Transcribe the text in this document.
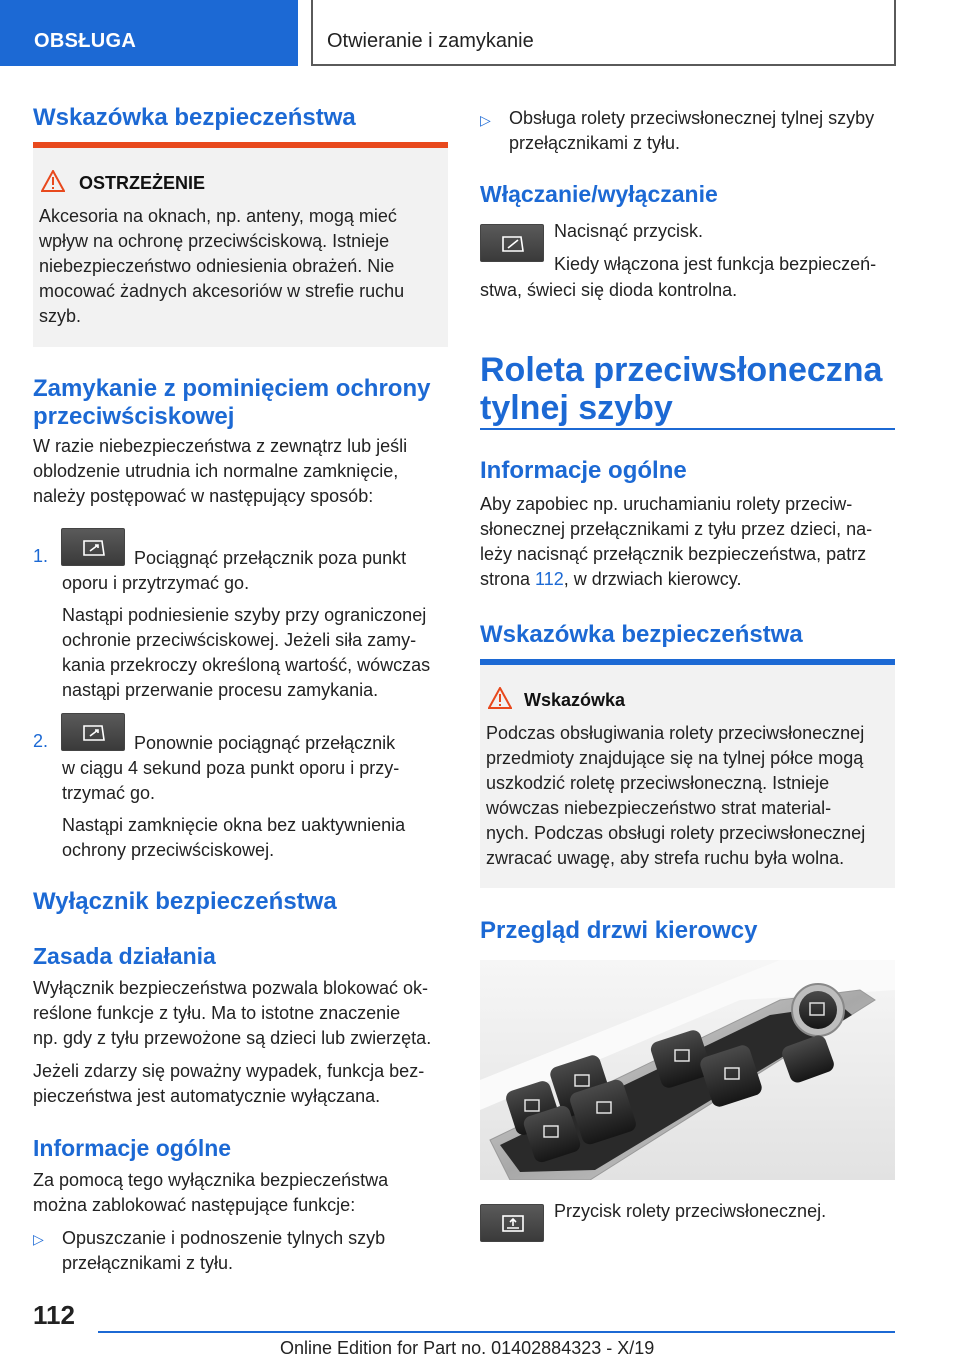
OBSŁUGA	Otwieranie i zamykanie
Wskazówka bezpieczeństwa
OSTRZEŻENIE
Akcesoria na oknach, np. anteny, mogą mieć
wpływ na ochronę przeciwściskową. Istnieje
niebezpieczeństwo odniesienia obrażeń. Nie
mocować żadnych akcesoriów w strefie ruchu
szyb.
Zamykanie z pominięciem ochrony
przeciwściskowej
W razie niebezpieczeństwa z zewnątrz lub jeśli
oblodzenie utrudnia ich normalne zamknięcie,
należy postępować w następujący sposób:
1.	Pociągnąć przełącznik poza punkt
oporu i przytrzymać go.
Nastąpi podniesienie szyby przy ograniczonej
ochronie przeciwściskowej. Jeżeli siła zamy-
kania przekroczy określoną wartość, wówczas
nastąpi przerwanie procesu zamykania.
2.	Ponownie pociągnąć przełącznik
w ciągu 4 sekund poza punkt oporu i przy-
trzymać go.
Nastąpi zamknięcie okna bez uaktywnienia
ochrony przeciwściskowej.
Wyłącznik bezpieczeństwa
Zasada działania
Wyłącznik bezpieczeństwa pozwala blokować ok-
reślone funkcje z tyłu. Ma to istotne znaczenie
np. gdy z tyłu przewożone są dzieci lub zwierzęta.
Jeżeli zdarzy się poważny wypadek, funkcja bez-
pieczeństwa jest automatycznie wyłączana.
Informacje ogólne
Za pomocą tego wyłącznika bezpieczeństwa
można zablokować następujące funkcje:
▷ Opuszczanie i podnoszenie tylnych szyb
przełącznikami z tyłu.
▷ Obsługa rolety przeciwsłonecznej tylnej szyby
przełącznikami z tyłu.
Włączanie/wyłączanie
Nacisnąć przycisk.
Kiedy włączona jest funkcja bezpieczeń-
stwa, świeci się dioda kontrolna.
Roleta przeciwsłoneczna
tylnej szyby
Informacje ogólne
Aby zapobiec np. uruchamianiu rolety przeciw-
słonecznej przełącznikami z tyłu przez dzieci, na-
leży nacisnąć przełącznik bezpieczeństwa, patrz
strona 112, w drzwiach kierowcy.
Wskazówka bezpieczeństwa
Wskazówka
Podczas obsługiwania rolety przeciwsłonecznej
przedmioty znajdujące się na tylnej półce mogą
uszkodzić roletę przeciwsłoneczną. Istnieje
wówczas niebezpieczeństwo strat material-
nych. Podczas obsługi rolety przeciwsłonecznej
zwracać uwagę, aby strefa ruchu była wolna.
Przegląd drzwi kierowcy
Przycisk rolety przeciwsłonecznej.
112
Online Edition for Part no. 01402884323 - X/19
